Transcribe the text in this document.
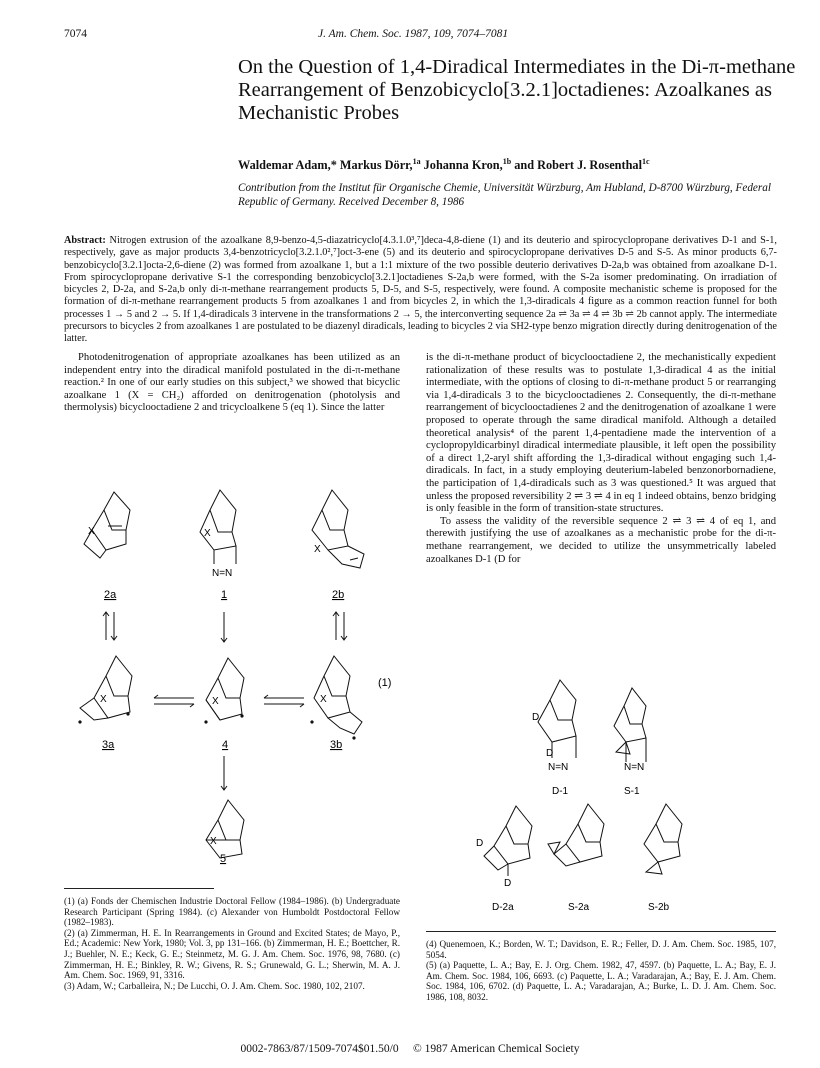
7074	J. Am. Chem. Soc. 1987, 109, 7074–7081
On the Question of 1,4-Diradical Intermediates in the Di-π-methane Rearrangement of Benzobicyclo[3.2.1]octadienes: Azoalkanes as Mechanistic Probes
Waldemar Adam,* Markus Dörr,$^{1a}$ Johanna Kron,$^{1b}$ and Robert J. Rosenthal$^{1c}$
Contribution from the Institut für Organische Chemie, Universität Würzburg, Am Hubland, D-8700 Würzburg, Federal Republic of Germany. Received December 8, 1986
Abstract: Nitrogen extrusion of the azoalkane 8,9-benzo-4,5-diazatricyclo[4.3.1.0³,⁷]deca-4,8-diene (1) and its deuterio and spirocyclopropane derivatives D-1 and S-1, respectively, gave as major products 3,4-benzotricyclo[3.2.1.0²,⁷]oct-3-ene (5) and its deuterio and spirocyclopropane derivatives D-5 and S-5. As minor products 6,7-benzobicyclo[3.2.1]octa-2,6-diene (2) was formed from azoalkane 1, but a 1:1 mixture of the two possible deuterio derivatives D-2a,b was obtained from azoalkane D-1. From spirocyclopropane derivative S-1 the corresponding benzobicyclo[3.2.1]octadienes S-2a,b were formed, with the S-2a isomer predominating. On irradiation of bicycles 2, D-2a, and S-2a,b only di-π-methane rearrangement products 5, D-5, and S-5, respectively, were found. A composite mechanistic scheme is proposed for the formation of di-π-methane rearrangement products 5 from azoalkanes 1 and from bicycles 2, in which the 1,3-diradicals 4 figure as a common reaction funnel for both processes 1 → 5 and 2 → 5. If 1,4-diradicals 3 intervene in the transformations 2 → 5, the interconverting sequence 2a ⇌ 3a ⇌ 4 ⇌ 3b ⇌ 2b cannot apply. The intermediate precursors to bicycles 2 from azoalkanes 1 are postulated to be diazenyl diradicals, leading to bicycles 2 via SH2-type benzo migration directly during denitrogenation of the latter.

Photodenitrogenation of appropriate azoalkanes has been utilized as an independent entry into the diradical manifold postulated in the di-π-methane reaction.² In one of our early studies on this subject,³ we showed that bicyclic azoalkane 1 (X = CH₂) afforded on denitrogenation (photolysis and thermolysis) bicyclooctadiene 2 and tricycloalkene 5 (eq 1). Since the latter

X	X
X
X	X	X
X
N=N
2a	1	2b
3a	4	3b
5
(1)

is the di-π-methane product of bicyclooctadiene 2, the mechanistically expedient rationalization of these results was to postulate 1,3-diradical 4 as the initial intermediate, with the options of closing to di-π-methane product 5 or rearranging via 1,4-diradicals 3 to the bicyclooctadienes 2. Consequently, the di-π-methane rearrangement of bicyclooctadienes 2 and the denitrogenation of azoalkane 1 were proposed to operate through the same diradical manifold. Although a detailed theoretical analysis⁴ of the parent 1,4-pentadiene made the intervention of a cyclopropyldicarbinyl diradical intermediate plausible, it left open the possibility of a direct 1,2-aryl shift affording the 1,3-diradical without engaging such 1,4-diradicals. In fact, in a study employing deuterium-labeled benzonorbornadiene, the participation of 1,4-diradicals such as 3 was questioned.⁵ It was argued that unless the proposed reversibility 2 ⇌ 3 ⇌ 4 in eq 1 indeed obtains, benzo bridging is only feasible in the form of transition-state structures.

To assess the validity of the reversible sequence 2 ⇌ 3 ⇌ 4 of eq 1, and therewith justifying the use of azoalkanes as a mechanistic probe for the di-π-methane rearrangement, we decided to utilize the unsymmetrically labeled azoalkanes D-1 (D for

D
D
N=N	N=N
D-1	S-1
D
D
D-2a	S-2a	S-2b
(1) (a) Fonds der Chemischen Industrie Doctoral Fellow (1984–1986). (b) Undergraduate Research Participant (Spring 1984). (c) Alexander von Humboldt Postdoctoral Fellow (1982–1983).
(2) (a) Zimmerman, H. E. In Rearrangements in Ground and Excited States; de Mayo, P., Ed.; Academic: New York, 1980; Vol. 3, pp 131–166. (b) Zimmerman, H. E.; Boettcher, R. J.; Buehler, N. E.; Keck, G. E.; Steinmetz, M. G. J. Am. Chem. Soc. 1976, 98, 7680. (c) Zimmerman, H. E.; Binkley, R. W.; Givens, R. S.; Grunewald, G. L.; Sherwin, M. A. J. Am. Chem. Soc. 1969, 91, 3316.
(3) Adam, W.; Carballeira, N.; De Lucchi, O. J. Am. Chem. Soc. 1980, 102, 2107.
(4) Quenemoen, K.; Borden, W. T.; Davidson, E. R.; Feller, D. J. Am. Chem. Soc. 1985, 107, 5054.
(5) (a) Paquette, L. A.; Bay, E. J. Org. Chem. 1982, 47, 4597. (b) Paquette, L. A.; Bay, E. J. Am. Chem. Soc. 1984, 106, 6693. (c) Paquette, L. A.; Varadarajan, A.; Bay, E. J. Am. Chem. Soc. 1984, 106, 6702. (d) Paquette, L. A.; Varadarajan, A.; Burke, L. D. J. Am. Chem. Soc. 1986, 108, 8032.
0002-7863/87/1509-7074$01.50/0 © 1987 American Chemical Society
